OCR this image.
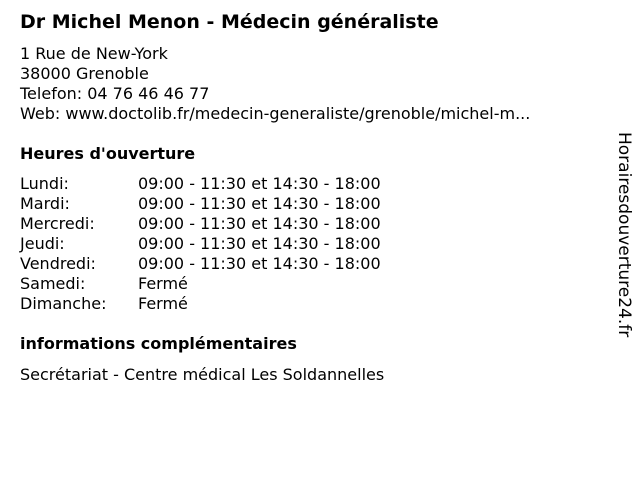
Dr Michel Menon - Médecin généraliste
1 Rue de New-York
38000 Grenoble
Telefon: 04 76 46 46 77
Web: www.doctolib.fr/medecin-generaliste/grenoble/michel-m...
Heures d'ouverture
Lundi:	09:00 - 11:30 et 14:30 - 18:00
Mardi:	09:00 - 11:30 et 14:30 - 18:00
Mercredi:	09:00 - 11:30 et 14:30 - 18:00
Jeudi:	09:00 - 11:30 et 14:30 - 18:00
Vendredi:	09:00 - 11:30 et 14:30 - 18:00
Samedi:	Fermé
Dimanche: Fermé
informations complémentaires
Secrétariat - Centre médical Les Soldannelles
Horairesdouverture24.fr
